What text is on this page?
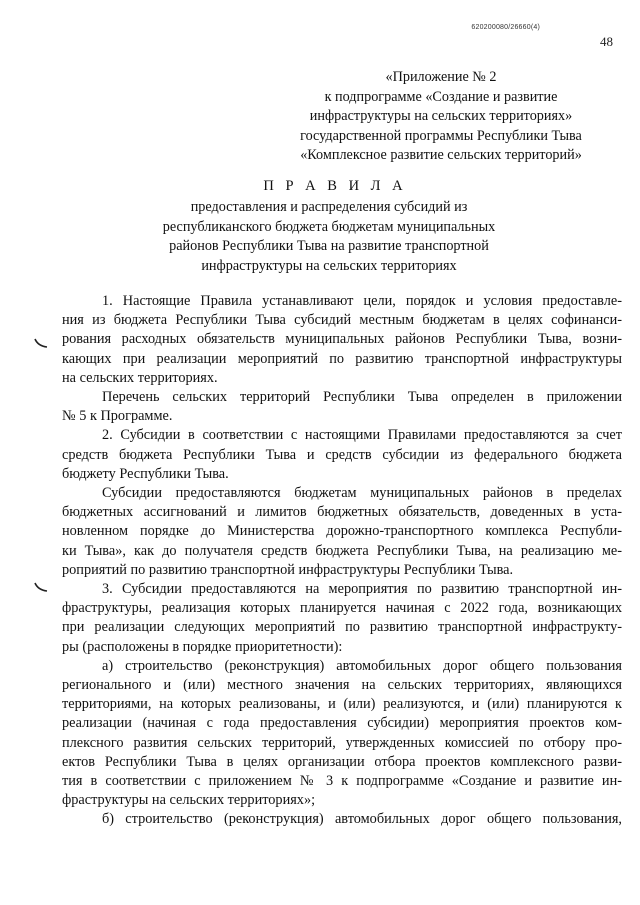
620200080/26660(4)
48
«Приложение № 2
к подпрограмме «Создание и развитие
инфраструктуры на сельских территориях»
государственной программы Республики Тыва
«Комплексное развитие сельских территорий»
П Р А В И Л А
предоставления и распределения субсидий из
республиканского бюджета бюджетам муниципальных
районов Республики Тыва на развитие транспортной
инфраструктуры на сельских территориях
1. Настоящие Правила устанавливают цели, порядок и условия предоставле-
ния из бюджета Республики Тыва субсидий местным бюджетам в целях софинанси-
рования расходных обязательств муниципальных районов Республики Тыва, возни-
кающих при реализации мероприятий по развитию транспортной инфраструктуры
на сельских территориях.
Перечень сельских территорий Республики Тыва определен в приложении
№ 5 к Программе.
2. Субсидии в соответствии с настоящими Правилами предоставляются за счет
средств бюджета Республики Тыва и средств субсидии из федерального бюджета
бюджету Республики Тыва.
Субсидии предоставляются бюджетам муниципальных районов в пределах
бюджетных ассигнований и лимитов бюджетных обязательств, доведенных в уста-
новленном порядке до Министерства дорожно-транспортного комплекса Республи-
ки Тыва», как до получателя средств бюджета Республики Тыва, на реализацию ме-
роприятий по развитию транспортной инфраструктуры Республики Тыва.
3. Субсидии предоставляются на мероприятия по развитию транспортной ин-
фраструктуры, реализация которых планируется начиная с 2022 года, возникающих
при реализации следующих мероприятий по развитию транспортной инфраструкту-
ры (расположены в порядке приоритетности):
а) строительство (реконструкция) автомобильных дорог общего пользования
регионального и (или) местного значения на сельских территориях, являющихся
территориями, на которых реализованы, и (или) реализуются, и (или) планируются к
реализации (начиная с года предоставления субсидии) мероприятия проектов ком-
плексного развития сельских территорий, утвержденных комиссией по отбору про-
ектов Республики Тыва в целях организации отбора проектов комплексного разви-
тия в соответствии с приложением № 3 к подпрограмме «Создание и развитие ин-
фраструктуры на сельских территориях»;
б) строительство (реконструкция) автомобильных дорог общего пользования,
